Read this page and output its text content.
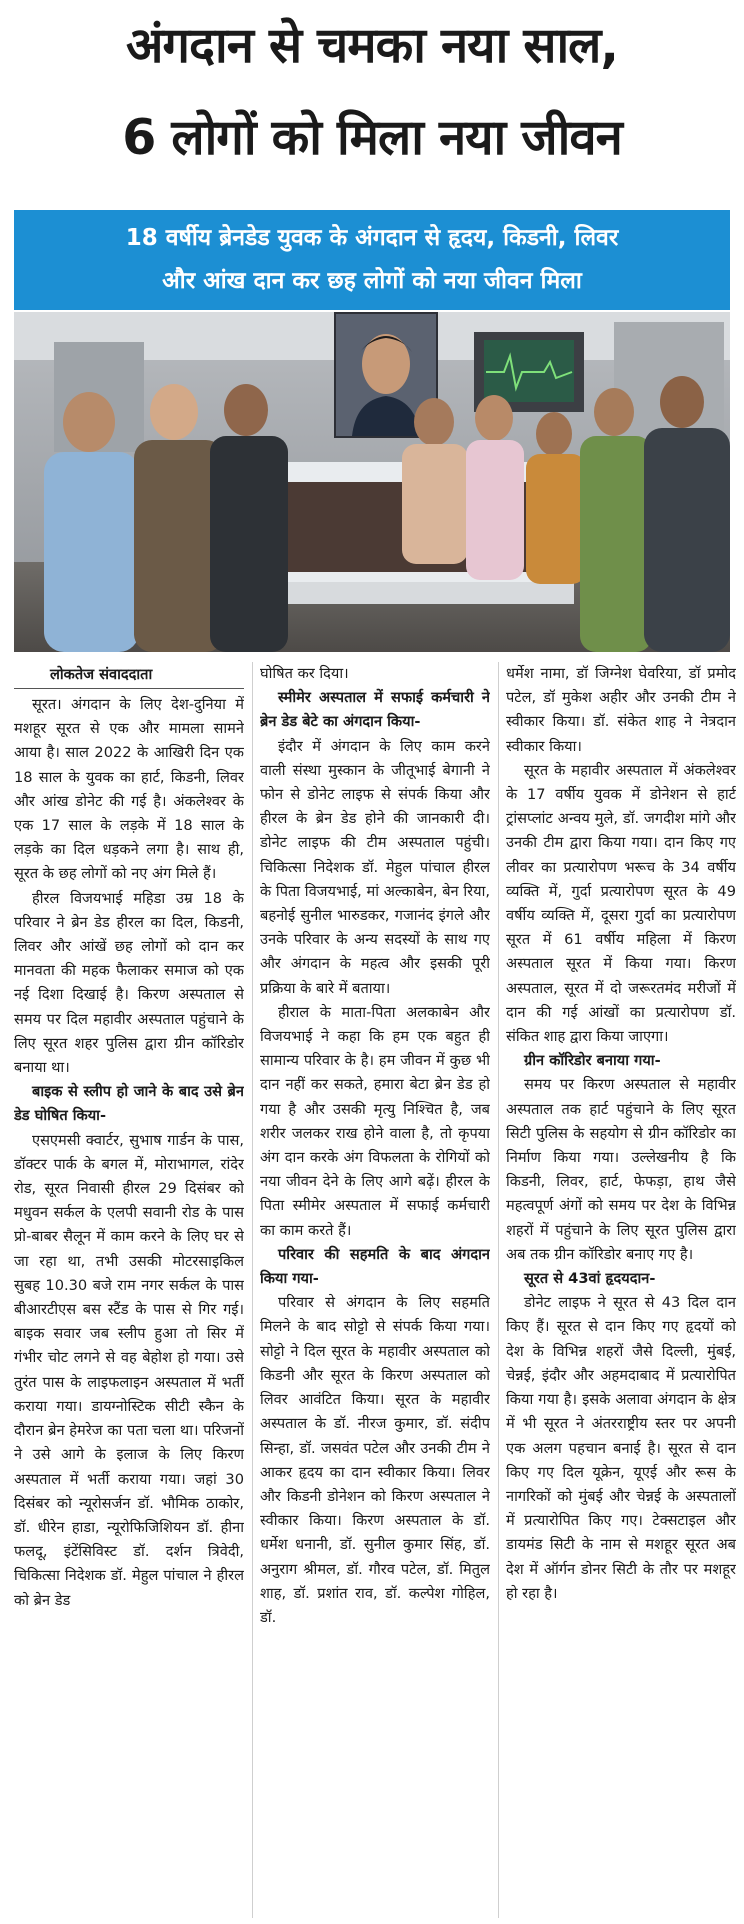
अंगदान से चमका नया साल,
6 लोगों को मिला नया जीवन
18 वर्षीय ब्रेनडेड युवक के अंगदान से हृदय, किडनी, लिवर
और आंख दान कर छह लोगों को नया जीवन मिला

लोकतेज संवाददाता

सूरत। अंगदान के लिए देश-दुनिया में मशहूर सूरत से एक और मामला सामने आया है। साल 2022 के आखिरी दिन एक 18 साल के युवक का हार्ट, किडनी, लिवर और आंख डोनेट की गई है। अंकलेश्वर के एक 17 साल के लड़के में 18 साल के लड़के का दिल धड़कने लगा है। साथ ही, सूरत के छह लोगों को नए अंग मिले हैं।

हीरल विजयभाई महिडा उम्र 18 के परिवार ने ब्रेन डेड हीरल का दिल, किडनी, लिवर और आंखें छह लोगों को दान कर मानवता की महक फैलाकर समाज को एक नई दिशा दिखाई है। किरण अस्पताल से समय पर दिल महावीर अस्पताल पहुंचाने के लिए सूरत शहर पुलिस द्वारा ग्रीन कॉरिडोर बनाया था।

बाइक से स्लीप हो जाने के बाद उसे ब्रेन डेड घोषित किया-

एसएमसी क्वार्टर, सुभाष गार्डन के पास, डॉक्टर पार्क के बगल में, मोराभागल, रांदेर रोड, सूरत निवासी हीरल 29 दिसंबर को मधुवन सर्कल के एलपी सवानी रोड के पास प्रो-बाबर सैलून में काम करने के लिए घर से जा रहा था, तभी उसकी मोटरसाइकिल सुबह 10.30 बजे राम नगर सर्कल के पास बीआरटीएस बस स्टैंड के पास से गिर गई। बाइक सवार जब स्लीप हुआ तो सिर में गंभीर चोट लगने से वह बेहोश हो गया। उसे तुरंत पास के लाइफलाइन अस्पताल में भर्ती कराया गया। डायग्नोस्टिक सीटी स्कैन के दौरान ब्रेन हेमरेज का पता चला था। परिजनों ने उसे आगे के इलाज के लिए किरण अस्पताल में भर्ती कराया गया। जहां 30 दिसंबर को न्यूरोसर्जन डॉ. भौमिक ठाकोर, डॉ. धीरेन हाडा, न्यूरोफिजिशियन डॉ. हीना फलदू, इंटेंसिविस्ट डॉ. दर्शन त्रिवेदी, चिकित्सा निदेशक डॉ. मेहुल पांचाल ने हीरल को ब्रेन डेड

घोषित कर दिया।

स्मीमेर अस्पताल में सफाई कर्मचारी ने ब्रेन डेड बेटे का अंगदान किया-

इंदौर में अंगदान के लिए काम करने वाली संस्था मुस्कान के जीतूभाई बेगानी ने फोन से डोनेट लाइफ से संपर्क किया और हीरल के ब्रेन डेड होने की जानकारी दी। डोनेट लाइफ की टीम अस्पताल पहुंची। चिकित्सा निदेशक डॉ. मेहुल पांचाल हीरल के पिता विजयभाई, मां अल्काबेन, बेन रिया, बहनोई सुनील भारुडकर, गजानंद इंगले और उनके परिवार के अन्य सदस्यों के साथ गए और अंगदान के महत्व और इसकी पूरी प्रक्रिया के बारे में बताया।

हीराल के माता-पिता अलकाबेन और विजयभाई ने कहा कि हम एक बहुत ही सामान्य परिवार के है। हम जीवन में कुछ भी दान नहीं कर सकते, हमारा बेटा ब्रेन डेड हो गया है और उसकी मृत्यु निश्चित है, जब शरीर जलकर राख होने वाला है, तो कृपया अंग दान करके अंग विफलता के रोगियों को नया जीवन देने के लिए आगे बढ़ें। हीरल के पिता स्मीमेर अस्पताल में सफाई कर्मचारी का काम करते हैं।

परिवार की सहमति के बाद अंगदान किया गया-

परिवार से अंगदान के लिए सहमति मिलने के बाद सोट्टो से संपर्क किया गया। सोट्टो ने दिल सूरत के महावीर अस्पताल को किडनी और सूरत के किरण अस्पताल को लिवर आवंटित किया। सूरत के महावीर अस्पताल के डॉ. नीरज कुमार, डॉ. संदीप सिन्हा, डॉ. जसवंत पटेल और उनकी टीम ने आकर हृदय का दान स्वीकार किया। लिवर और किडनी डोनेशन को किरण अस्पताल ने स्वीकार किया। किरण अस्पताल के डॉ. धर्मेश धनानी, डॉ. सुनील कुमार सिंह, डॉ. अनुराग श्रीमल, डॉ. गौरव पटेल, डॉ. मितुल शाह, डॉ. प्रशांत राव, डॉ. कल्पेश गोहिल, डॉ.

धर्मेश नामा, डॉ जिग्नेश घेवरिया, डॉ प्रमोद पटेल, डॉ मुकेश अहीर और उनकी टीम ने स्वीकार किया। डॉ. संकेत शाह ने नेत्रदान स्वीकार किया।

सूरत के महावीर अस्पताल में अंकलेश्वर के 17 वर्षीय युवक में डोनेशन से हार्ट ट्रांसप्लांट अन्वय मुले, डॉ. जगदीश मांगे और उनकी टीम द्वारा किया गया। दान किए गए लीवर का प्रत्यारोपण भरूच के 34 वर्षीय व्यक्ति में, गुर्दा प्रत्यारोपण सूरत के 49 वर्षीय व्यक्ति में, दूसरा गुर्दा का प्रत्यारोपण सूरत में 61 वर्षीय महिला में किरण अस्पताल सूरत में किया गया। किरण अस्पताल, सूरत में दो जरूरतमंद मरीजों में दान की गई आंखों का प्रत्यारोपण डॉ. संकित शाह द्वारा किया जाएगा।

ग्रीन कॉरिडोर बनाया गया-

समय पर किरण अस्पताल से महावीर अस्पताल तक हार्ट पहुंचाने के लिए सूरत सिटी पुलिस के सहयोग से ग्रीन कॉरिडोर का निर्माण किया गया। उल्लेखनीय है कि किडनी, लिवर, हार्ट, फेफड़ा, हाथ जैसे महत्वपूर्ण अंगों को समय पर देश के विभिन्न शहरों में पहुंचाने के लिए सूरत पुलिस द्वारा अब तक ग्रीन कॉरिडोर बनाए गए है।

सूरत से 43वां हृदयदान-

डोनेट लाइफ ने सूरत से 43 दिल दान किए हैं। सूरत से दान किए गए हृदयों को देश के विभिन्न शहरों जैसे दिल्ली, मुंबई, चेन्नई, इंदौर और अहमदाबाद में प्रत्यारोपित किया गया है। इसके अलावा अंगदान के क्षेत्र में भी सूरत ने अंतरराष्ट्रीय स्तर पर अपनी एक अलग पहचान बनाई है। सूरत से दान किए गए दिल यूक्रेन, यूएई और रूस के नागरिकों को मुंबई और चेन्नई के अस्पतालों में प्रत्यारोपित किए गए। टेक्सटाइल और डायमंड सिटी के नाम से मशहूर सूरत अब देश में ऑर्गन डोनर सिटी के तौर पर मशहूर हो रहा है।
